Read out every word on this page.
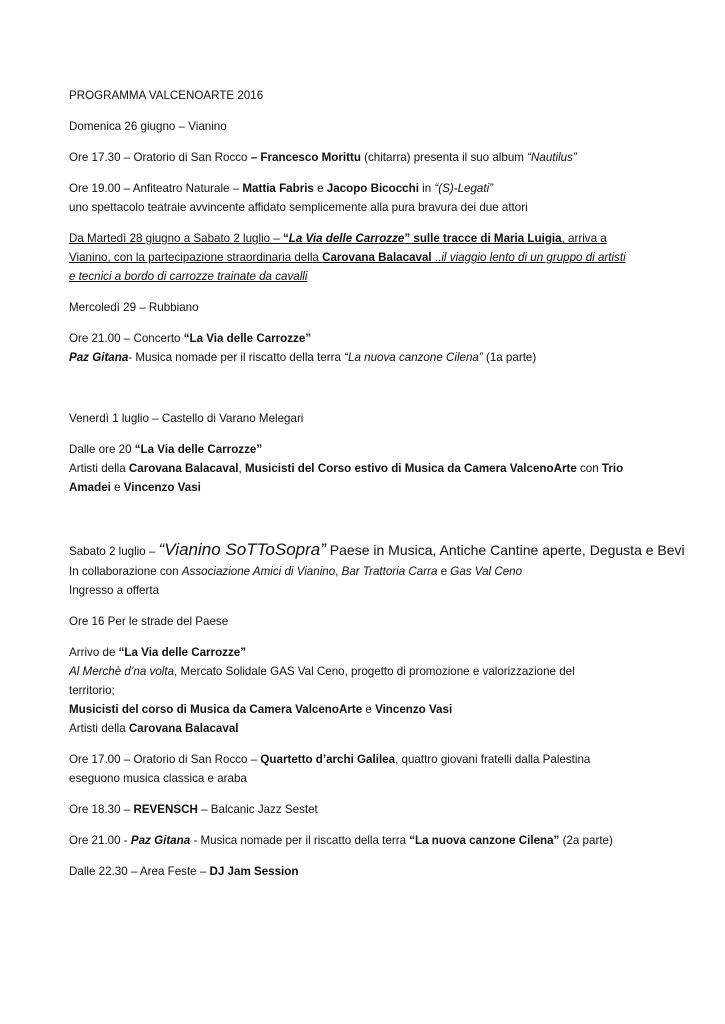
PROGRAMMA VALCENOARTE 2016
Domenica 26 giugno – Vianino
Ore 17.30 – Oratorio di San Rocco – Francesco Morittu (chitarra) presenta il suo album “Nautilus”
Ore 19.00 – Anfiteatro Naturale – Mattia Fabris e Jacopo Bicocchi in “(S)-Legati”
uno spettacolo teatrale avvincente affidato semplicemente alla pura bravura dei due attori
Da Martedì 28 giugno a Sabato 2 luglio – “La Via delle Carrozze” sulle tracce di Maria Luigia, arriva a
Vianino, con la partecipazione straordinaria della Carovana Balacaval ..il viaggio lento di un gruppo di artisti
e tecnici a bordo di carrozze trainate da cavalli
Mercoledì 29 – Rubbiano
Ore 21.00 – Concerto “La Via delle Carrozze”
Paz Gitana- Musica nomade per il riscatto della terra “La nuova canzone Cilena” (1a parte)
Venerdì 1 luglio – Castello di Varano Melegari
Dalle ore 20 “La Via delle Carrozze”
Artisti della Carovana Balacaval, Musicisti del Corso estivo di Musica da Camera ValcenoArte con Trio
Amadei e Vincenzo Vasi
Sabato 2 luglio – “Vianino SoTToSopra” Paese in Musica, Antiche Cantine aperte, Degusta e Bevi
In collaborazione con Associazione Amici di Vianino, Bar Trattoria Carra e Gas Val Ceno
Ingresso a offerta
Ore 16 Per le strade del Paese
Arrivo de “La Via delle Carrozze”
Al Merchè d’na volta, Mercato Solidale GAS Val Ceno, progetto di promozione e valorizzazione del
territorio;
Musicisti del corso di Musica da Camera ValcenoArte e Vincenzo Vasi
Artisti della Carovana Balacaval
Ore 17.00 – Oratorio di San Rocco – Quartetto d’archi Galilea, quattro giovani fratelli dalla Palestina
eseguono musica classica e araba
Ore 18.30 – REVENSCH – Balcanic Jazz Sestet
Ore 21.00 - Paz Gitana - Musica nomade per il riscatto della terra “La nuova canzone Cilena” (2a parte)
Dalle 22.30 – Area Feste – DJ Jam Session
